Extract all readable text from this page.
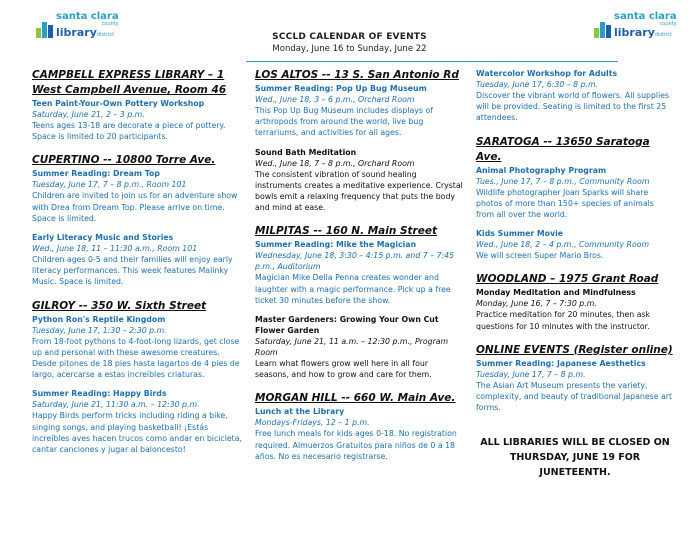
santa clara
county
librarydistrict
santa clara
county
librarydistrict
SCCLD CALENDAR OF EVENTS
Monday, June 16 to Sunday, June 22
CAMPBELL EXPRESS LIBRARY – 1 West Campbell Avenue, Room 46
Teen Paint-Your-Own Pottery Workshop
Saturday, June 21, 2 – 3 p.m.
Teens ages 13-18 are decorate a piece of pottery. Space is limited to 20 participants.
CUPERTINO -- 10800 Torre Ave.
Summer Reading: Dream Top
Tuesday, June 17, 7 – 8 p.m., Room 101
Children are invited to join us for an adventure show with Drea from Dream Top. Please arrive on time. Space is limited.
Early Literacy Music and Stories
Wed., June 18, 11 – 11:30 a.m., Room 101
Children ages 0-5 and their families will enjoy early literacy performances. This week features Malinky Music. Space is limited.
GILROY -- 350 W. Sixth Street
Python Ron's Reptile Kingdom
Tuesday, June 17, 1:30 – 2:30 p.m.
From 18-foot pythons to 4-foot-long lizards, get close up and personal with these awesome creatures. Desde pitones de 18 pies hasta lagartos de 4 pies de largo, acercarse a estas increíbles criaturas.
Summer Reading: Happy Birds
Saturday, June 21, 11:30 a.m. – 12:30 p.m.
Happy Birds perform tricks including riding a bike, singing songs, and playing basketball! ¡Estás increíbles aves hacen trucos como andar en bicicleta, cantar canciones y jugar al baloncesto!
LOS ALTOS -- 13 S. San Antonio Rd
Summer Reading: Pop Up Bug Museum
Wed., June 18, 3 – 6 p.m., Orchard Room
This Pop Up Bug Museum includes displays of arthropods from around the world, live bug terrariums, and activities for all ages.
Sound Bath Meditation
Wed., June 18, 7 – 8 p.m., Orchard Room
The consistent vibration of sound healing instruments creates a meditative experience. Crystal bowls emit a relaxing frequency that puts the body and mind at ease.
MILPITAS -- 160 N. Main Street
Summer Reading: Mike the Magician
Wednesday, June 18, 3:30 – 4:15 p.m. and 7 – 7:45 p.m., Auditorium
Magician Mike Della Penna creates wonder and laughter with a magic performance. Pick up a free ticket 30 minutes before the show.
Master Gardeners: Growing Your Own Cut Flower Garden
Saturday, June 21, 11 a.m. – 12:30 p.m., Program Room
Learn what flowers grow well here in all four seasons, and how to grow and care for them.
MORGAN HILL -- 660 W. Main Ave.
Lunch at the Library
Mondays-Fridays, 12 – 1 p.m.
Free lunch meals for kids ages 0-18. No registration required. Almuerzos Gratuitos para niños de 0 a 18 años. No es necesario registrarse.
Watercolor Workshop for Adults
Tuesday, June 17, 6:30 – 8 p.m.
Discover the vibrant world of flowers. All supplies will be provided. Seating is limited to the first 25 attendees.
SARATOGA -- 13650 Saratoga Ave.
Animal Photography Program
Tues., June 17, 7 – 8 p.m., Community Room
Wildlife photographer Joan Sparks will share photos of more than 150+ species of animals from all over the world.
Kids Summer Movie
Wed., June 18, 2 – 4 p.m., Community Room
We will screen Super Mario Bros.
WOODLAND – 1975 Grant Road
Monday Meditation and Mindfulness
Monday, June 16, 7 – 7:30 p.m.
Practice meditation for 20 minutes, then ask questions for 10 minutes with the instructor.
ONLINE EVENTS (Register online)
Summer Reading: Japanese Aesthetics
Tuesday, June 17, 7 – 8 p.m.
The Asian Art Museum presents the variety, complexity, and beauty of traditional Japanese art forms.
ALL LIBRARIES WILL BE CLOSED ON THURSDAY, JUNE 19 FOR JUNETEENTH.
